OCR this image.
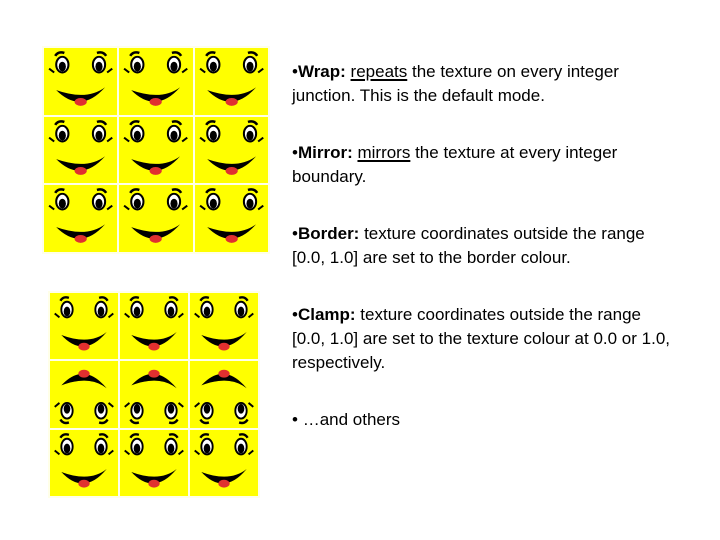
•Wrap: repeats the texture on every integer junction. This is the default mode.

•Mirror: mirrors the texture at every integer boundary.

•Border: texture coordinates outside the range [0.0, 1.0] are set to the border colour.

•Clamp: texture coordinates outside the range [0.0, 1.0] are set to the texture colour at 0.0 or 1.0, respectively.

• …and others
